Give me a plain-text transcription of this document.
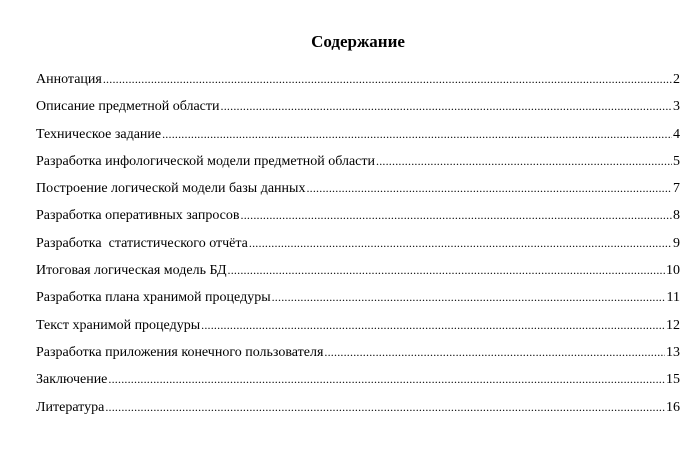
Содержание
Аннотация .....	2
Описание предметной области .....	3
Техническое задание .....	4
Разработка инфологической модели предметной области .....	5
Построение логической модели базы данных .....	7
Разработка оперативных запросов .....	8
Разработка  статистического отчёта .....	9
Итоговая логическая модель БД .....	10
Разработка плана хранимой процедуры .....	11
Текст хранимой процедуры .....	12
Разработка приложения конечного пользователя .....	13
Заключение .....	15
Литература .....	16
